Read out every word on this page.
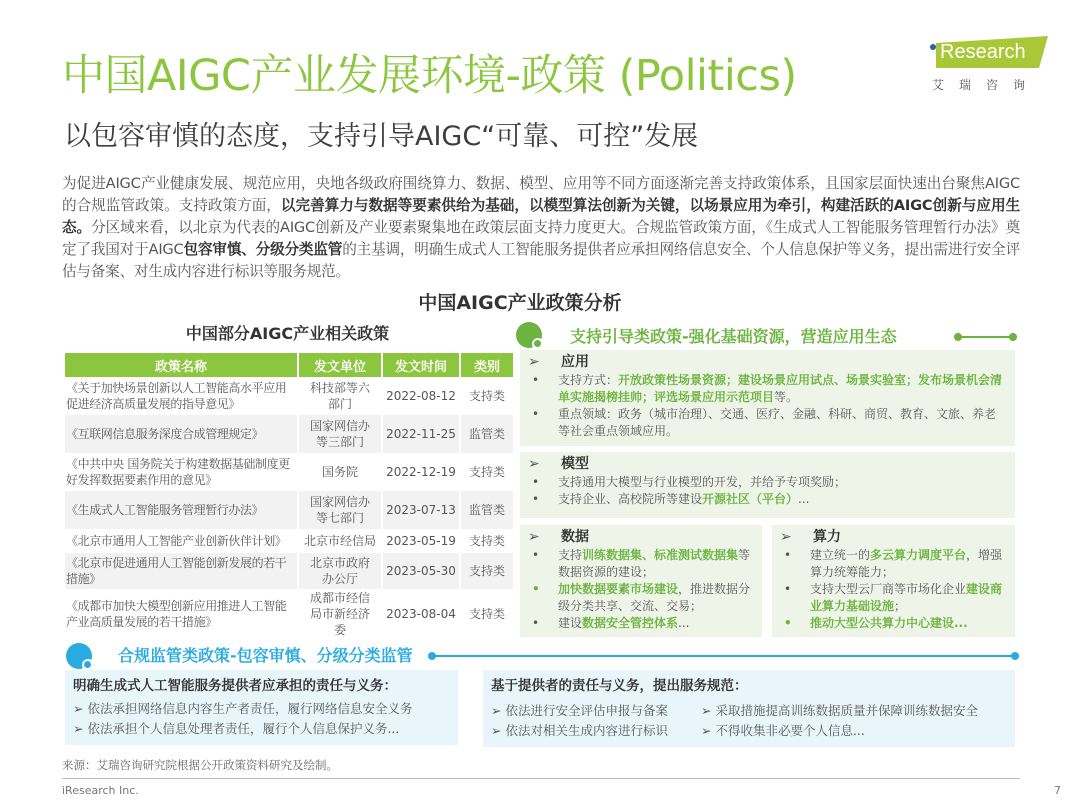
中国AIGC产业发展环境-政策 (Politics)
以包容审慎的态度，支持引导AIGC“可靠、可控”发展
Research
艾瑞咨询
为促进AIGC产业健康发展、规范应用，央地各级政府围绕算力、数据、模型、应用等不同方面逐渐完善支持政策体系，且国家层面快速出台聚焦AIGC的合规监管政策。支持政策方面，以完善算力与数据等要素供给为基础，以模型算法创新为关键，以场景应用为牵引，构建活跃的AIGC创新与应用生态。分区域来看，以北京为代表的AIGC创新及产业要素聚集地在政策层面支持力度更大。合规监管政策方面，《生成式人工智能服务管理暂行办法》奠定了我国对于AIGC包容审慎、分级分类监管的主基调，明确生成式人工智能服务提供者应承担网络信息安全、个人信息保护等义务，提出需进行安全评估与备案、对生成内容进行标识等服务规范。
中国AIGC产业政策分析
中国部分AIGC产业相关政策
政策名称	发文单位	发文时间	类别
《关于加快场景创新以人工智能高水平应用促进经济高质量发展的指导意见》	科技部等六部门	2022-08-12	支持类
《互联网信息服务深度合成管理规定》	国家网信办等三部门	2022-11-25	监管类
《中共中央 国务院关于构建数据基础制度更好发挥数据要素作用的意见》	国务院	2022-12-19	支持类
《生成式人工智能服务管理暂行办法》	国家网信办等七部门	2023-07-13	监管类
《北京市通用人工智能产业创新伙伴计划》	北京市经信局	2023-05-19	支持类
《北京市促进通用人工智能创新发展的若干措施》	北京市政府办公厅	2023-05-30	支持类
《成都市加快大模型创新应用推进人工智能产业高质量发展的若干措施》	成都市经信局市新经济委	2023-08-04	支持类
支持引导类政策-强化基础资源，营造应用生态
➢	应用
•	支持方式：开放政策性场景资源；建设场景应用试点、场景实验室；发布场景机会清单实施揭榜挂帅；评选场景应用示范项目等。
•	重点领域：政务（城市治理）、交通、医疗、金融、科研、商贸、教育、文旅、养老等社会重点领域应用。
➢	模型
•	支持通用大模型与行业模型的开发，并给予专项奖励；
•	支持企业、高校院所等建设开源社区（平台）...
➢	数据
•	支持训练数据集、标准测试数据集等数据资源的建设；
•	加快数据要素市场建设，推进数据分级分类共享、交流、交易；
•	建设数据安全管控体系...
➢	算力
•	建立统一的多云算力调度平台，增强算力统筹能力；
•	支持大型云厂商等市场化企业建设商业算力基础设施；
•	推动大型公共算力中心建设...
合规监管类政策-包容审慎、分级分类监管
明确生成式人工智能服务提供者应承担的责任与义务：
➢ 依法承担网络信息内容生产者责任，履行网络信息安全义务
➢ 依法承担个人信息处理者责任，履行个人信息保护义务...
基于提供者的责任与义务，提出服务规范：
➢ 依法进行安全评估申报与备案	➢ 采取措施提高训练数据质量并保障训练数据安全
➢ 依法对相关生成内容进行标识	➢ 不得收集非必要个人信息...
来源：艾瑞咨询研究院根据公开政策资料研究及绘制。
iResearch Inc.	7
